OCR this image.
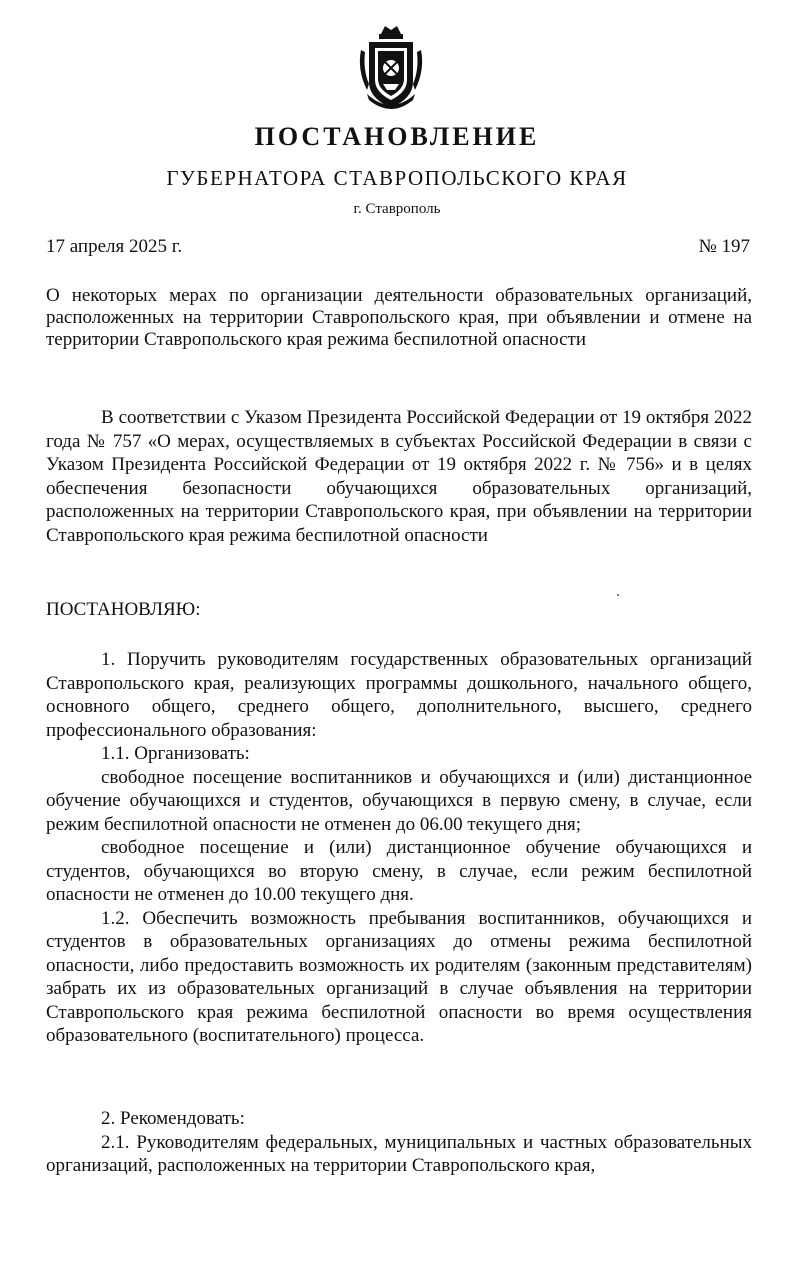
ПОСТАНОВЛЕНИЕ
ГУБЕРНАТОРА СТАВРОПОЛЬСКОГО КРАЯ
г. Ставрополь
17 апреля 2025 г.	№ 197

О некоторых мерах по организации деятельности образовательных организаций, расположенных на территории Ставропольского края, при объявлении и отмене на территории Ставропольского края режима беспилотной опасности

В соответствии с Указом Президента Российской Федерации от 19 октября 2022 года № 757 «О мерах, осуществляемых в субъектах Российской Федерации в связи с Указом Президента Российской Федерации от 19 октября 2022 г. № 756» и в целях обеспечения безопасности обучающихся образовательных организаций, расположенных на территории Ставропольского края, при объявлении на территории Ставропольского края режима беспилотной опасности

ПОСТАНОВЛЯЮ:

1. Поручить руководителям государственных образовательных организаций Ставропольского края, реализующих программы дошкольного, начального общего, основного общего, среднего общего, дополнительного, высшего, среднего профессионального образования:

1.1. Организовать:

свободное посещение воспитанников и обучающихся и (или) дистанционное обучение обучающихся и студентов, обучающихся в первую смену, в случае, если режим беспилотной опасности не отменен до 06.00 текущего дня;

свободное посещение и (или) дистанционное обучение обучающихся и студентов, обучающихся во вторую смену, в случае, если режим беспилотной опасности не отменен до 10.00 текущего дня.

1.2. Обеспечить возможность пребывания воспитанников, обучающихся и студентов в образовательных организациях до отмены режима беспилотной опасности, либо предоставить возможность их родителям (законным представителям) забрать их из образовательных организаций в случае объявления на территории Ставропольского края режима беспилотной опасности во время осуществления образовательного (воспитательного) процесса.

2. Рекомендовать:

2.1. Руководителям федеральных, муниципальных и частных образовательных организаций, расположенных на территории Ставропольского края,
